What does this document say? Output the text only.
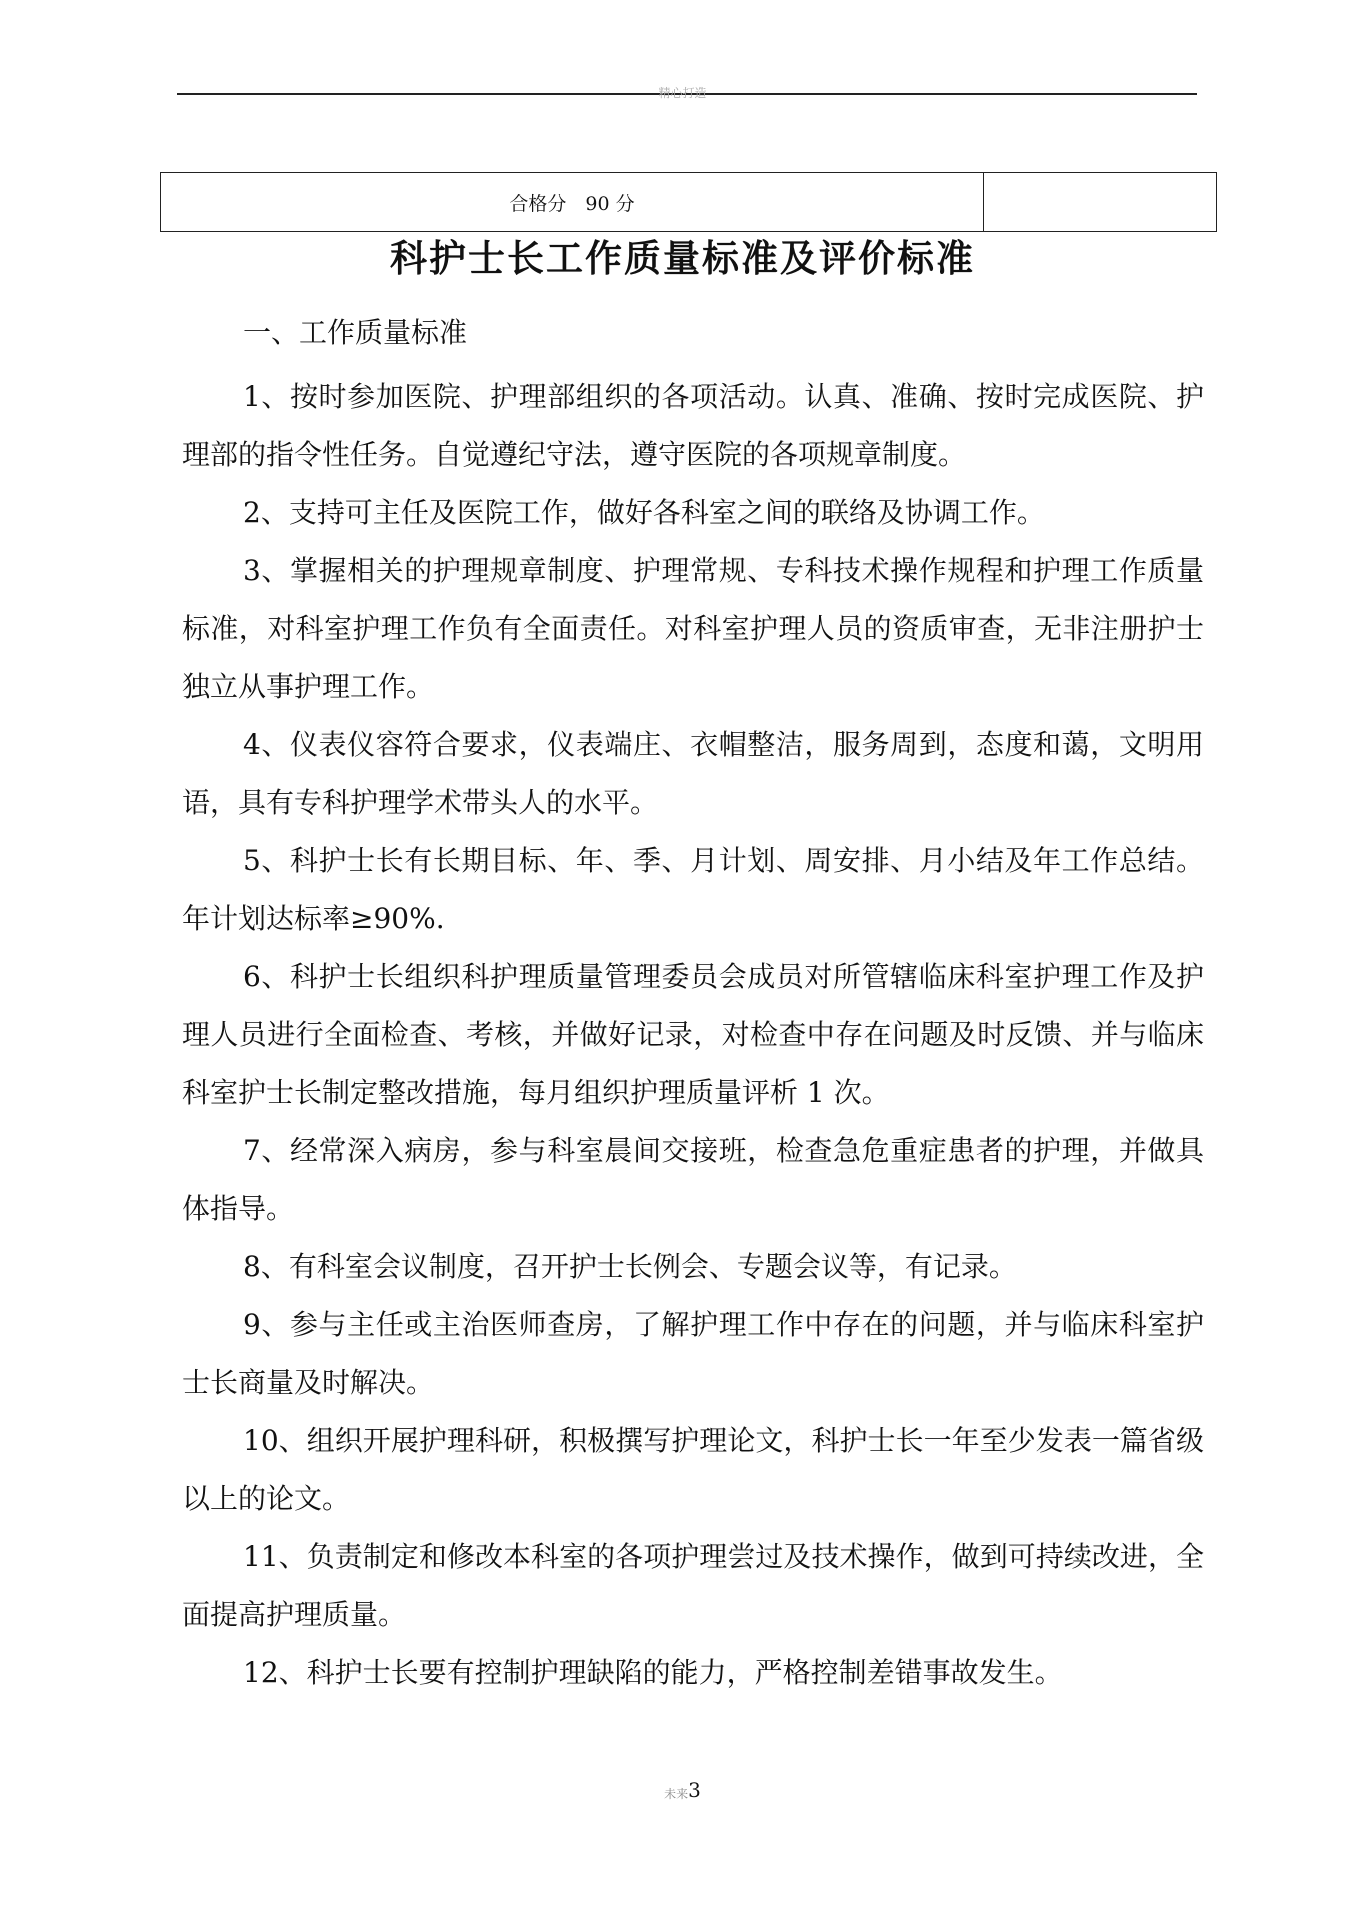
精心打造
合格分　90 分
科护士长工作质量标准及评价标准
一、工作质量标准

1、按时参加医院、护理部组织的各项活动。认真、准确、按时完成医院、护理部的指令性任务。自觉遵纪守法，遵守医院的各项规章制度。

2、支持可主任及医院工作，做好各科室之间的联络及协调工作。

3、掌握相关的护理规章制度、护理常规、专科技术操作规程和护理工作质量标准，对科室护理工作负有全面责任。对科室护理人员的资质审查，无非注册护士独立从事护理工作。

4、仪表仪容符合要求，仪表端庄、衣帽整洁，服务周到，态度和蔼，文明用语，具有专科护理学术带头人的水平。

5、科护士长有长期目标、年、季、月计划、周安排、月小结及年工作总结。年计划达标率≥90%.

6、科护士长组织科护理质量管理委员会成员对所管辖临床科室护理工作及护理人员进行全面检查、考核，并做好记录，对检查中存在问题及时反馈、并与临床科室护士长制定整改措施，每月组织护理质量评析 1 次。

7、经常深入病房，参与科室晨间交接班，检查急危重症患者的护理，并做具体指导。

8、有科室会议制度，召开护士长例会、专题会议等，有记录。

9、参与主任或主治医师查房，了解护理工作中存在的问题，并与临床科室护士长商量及时解决。

10、组织开展护理科研，积极撰写护理论文，科护士长一年至少发表一篇省级以上的论文。

11、负责制定和修改本科室的各项护理尝过及技术操作，做到可持续改进，全面提高护理质量。

12、科护士长要有控制护理缺陷的能力，严格控制差错事故发生。

未来3
